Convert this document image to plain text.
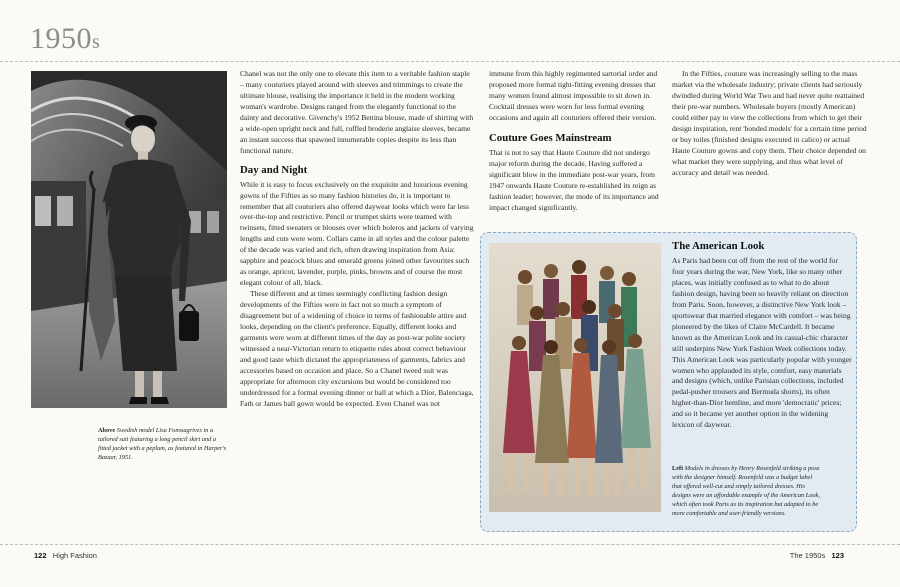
1950s
Above Swedish model Lisa Fonssagrives in a tailored suit featuring a long pencil skirt and a fitted jacket with a peplum, as featured in Harper's Bazaar, 1951.

Chanel was not the only one to elevate this item to a veritable fashion staple – many couturiers played around with sleeves and trimmings to create the ultimate blouse, realising the importance it held in the modern working woman's wardrobe. Designs ranged from the elegantly functional to the dainty and decorative. Givenchy's 1952 Bettina blouse, made of shirting with a wide-open upright neck and full, ruffled broderie anglaise sleeves, became an instant success that spawned innumerable copies despite its less than functional nature.

Day and Night

While it is easy to focus exclusively on the exquisite and luxurious evening gowns of the Fifties as so many fashion histories do, it is important to remember that all couturiers also offered daywear looks which were far less over-the-top and restrictive. Pencil or trumpet skirts were teamed with twinsets, fitted sweaters or blouses over which boleros and jackets of varying lengths and cuts were worn. Collars came in all styles and the colour palette of the decade was varied and rich, often drawing inspiration from Asia: sapphire and peacock blues and emerald greens joined other favourites such as orange, apricot, lavender, purple, pinks, browns and of course the most elegant colour of all, black.

These different and at times seemingly conflicting fashion design developments of the Fifties were in fact not so much a symptom of disagreement but of a widening of choice in terms of fashionable attire and looks, depending on the client's preference. Equally, different looks and garments were worn at different times of the day as post-war polite society witnessed a near-Victorian return to etiquette rules about correct behaviour and good taste which dictated the appropriateness of garments, fabrics and accessories based on occasion and place. So a Chanel tweed suit was appropriate for afternoon city excursions but would be considered too underdressed for a formal evening dinner or ball at which a Dior, Balenciaga, Fath or James ball gown would be expected. Even Chanel was not

immune from this highly regimented sartorial order and proposed more formal tight-fitting evening dresses that many women found almost impossible to sit down in. Cocktail dresses were worn for less formal evening occasions and again all couturiers offered their version.

Couture Goes Mainstream

That is not to say that Haute Couture did not undergo major reform during the decade. Having suffered a significant blow in the immediate post-war years, from 1947 onwards Haute Couture re-established its reign as fashion leader; however, the mode of its importance and impact changed significantly.

In the Fifties, couture was increasingly selling to the mass market via the wholesale industry; private clients had seriously dwindled during World War Two and had never quite reattained their pre-war numbers. Wholesale buyers (mostly American) could either pay to view the collections from which to get their design inspiration, rent 'bonded models' for a certain time period or buy toiles (finished designs executed in calico) or actual Haute Couture gowns and copy them. Their choice depended on what market they were supplying, and thus what level of accuracy and detail was needed.

The American Look

As Paris had been cut off from the rest of the world for four years during the war, New York, like so many other places, was initially confused as to what to do about fashion design, having been so heavily reliant on direction from Paris. Soon, however, a distinctive New York look – sportswear that married elegance with comfort – was being pioneered by the likes of Claire McCardell. It became known as the American Look and its casual-chic character still underpins New York Fashion Week collections today. This American Look was particularly popular with younger women who applauded its style, comfort, easy materials and designs (which, unlike Parisian collections, included pedal-pusher trousers and Bermuda shorts), its often higher-than-Dior hemline, and more 'democratic' prices; and so it became yet another option in the widening lexicon of daywear.

Left Models in dresses by Henry Rosenfeld striking a pose with the designer himself. Rosenfeld was a budget label that offered well-cut and simply tailored dresses. His designs were an affordable example of the American Look, which often took Paris as its inspiration but adapted to be more comfortable and user-friendly versions.
122 High Fashion	The 1950s 123
